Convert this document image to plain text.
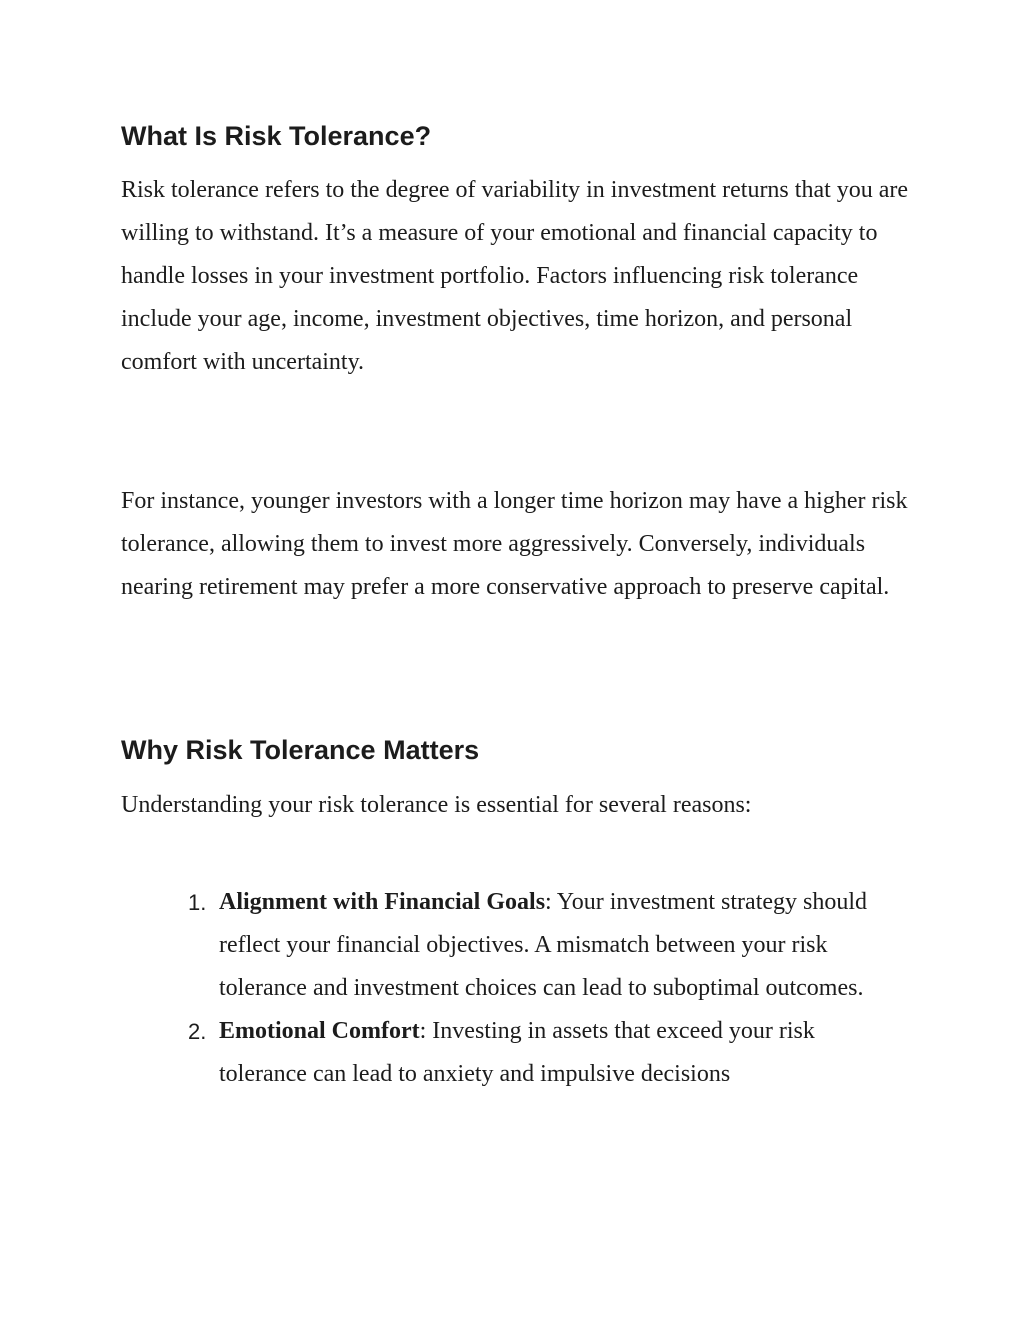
What Is Risk Tolerance?

Risk tolerance refers to the degree of variability in investment returns that you are willing to withstand. It’s a measure of your emotional and financial capacity to handle losses in your investment portfolio. Factors influencing risk tolerance include your age, income, investment objectives, time horizon, and personal comfort with uncertainty.

For instance, younger investors with a longer time horizon may have a higher risk tolerance, allowing them to invest more aggressively. Conversely, individuals nearing retirement may prefer a more conservative approach to preserve capital.

Why Risk Tolerance Matters

Understanding your risk tolerance is essential for several reasons:

1. Alignment with Financial Goals: Your investment strategy should reflect your financial objectives. A mismatch between your risk tolerance and investment choices can lead to suboptimal outcomes.
2. Emotional Comfort: Investing in assets that exceed your risk tolerance can lead to anxiety and impulsive decisions
